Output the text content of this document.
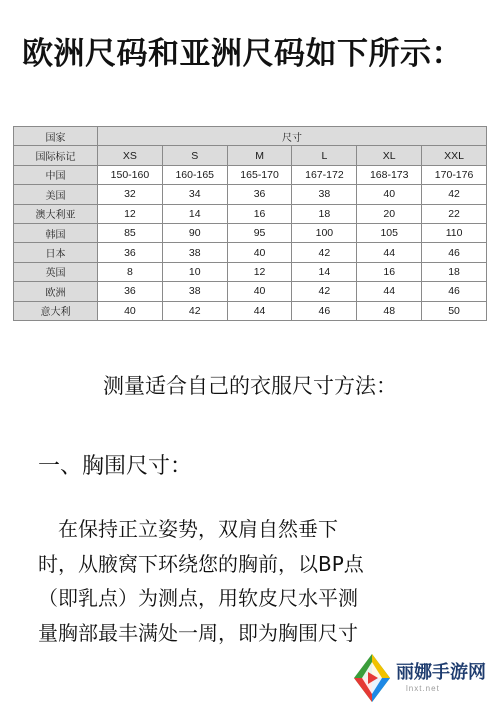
欧洲尺码和亚洲尺码如下所示：
国家	尺寸					
国际标记	XS	S	M	L	XL	XXL
中国	150-160	160-165	165-170	167-172	168-173	170-176
美国	32	34	36	38	40	42
澳大利亚	12	14	16	18	20	22
韩国	85	90	95	100	105	110
日本	36	38	40	42	44	46
英国	8	10	12	14	16	18
欧洲	36	38	40	42	44	46
意大利	40	42	44	46	48	50
测量适合自己的衣服尺寸方法：
一、胸围尺寸：
　在保持正立姿势，双肩自然垂下
时，从腋窝下环绕您的胸前，以BP点
（即乳点）为测点，用软皮尺水平测
量胸部最丰满处一周，即为胸围尺寸
丽娜手游网
lnxt.net
